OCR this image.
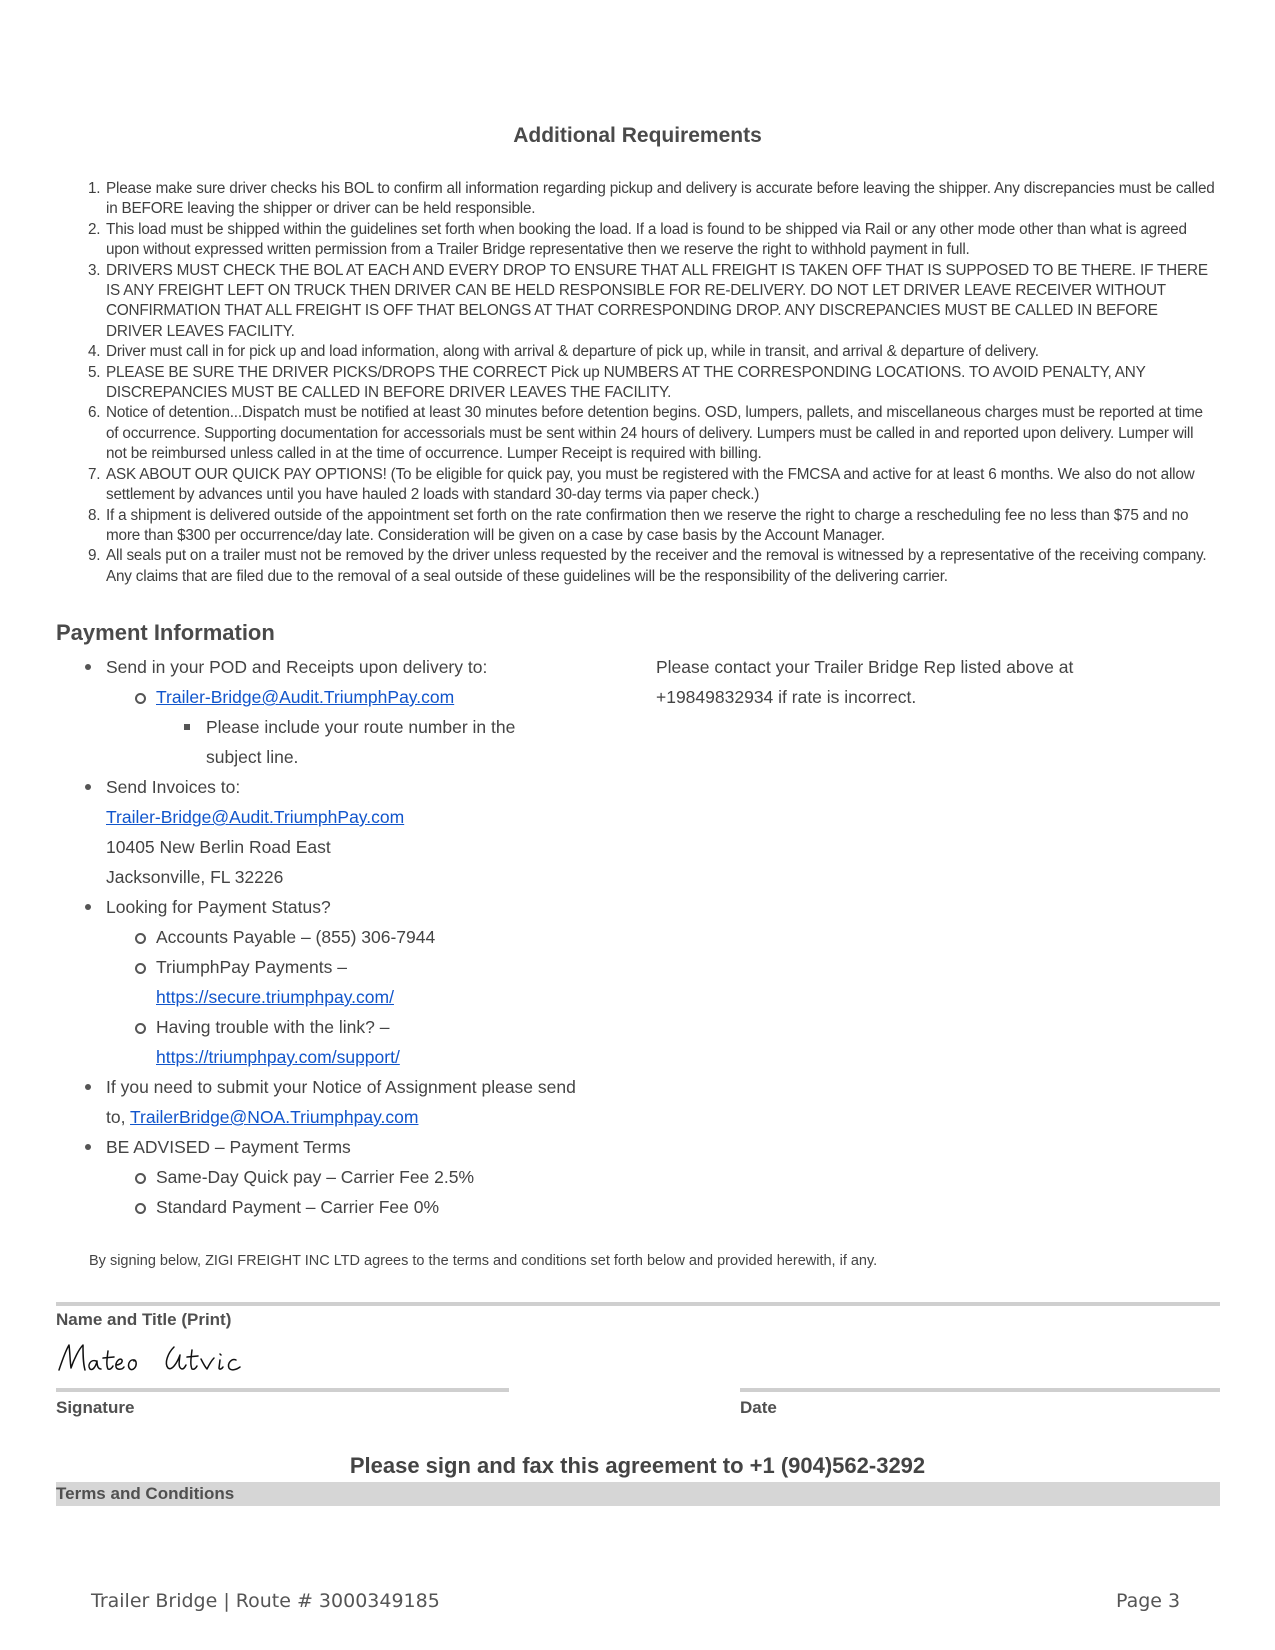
Additional Requirements
1. Please make sure driver checks his BOL to confirm all information regarding pickup and delivery is accurate before leaving the shipper. Any discrepancies must be called in BEFORE leaving the shipper or driver can be held responsible.
2. This load must be shipped within the guidelines set forth when booking the load. If a load is found to be shipped via Rail or any other mode other than what is agreed upon without expressed written permission from a Trailer Bridge representative then we reserve the right to withhold payment in full.
3. DRIVERS MUST CHECK THE BOL AT EACH AND EVERY DROP TO ENSURE THAT ALL FREIGHT IS TAKEN OFF THAT IS SUPPOSED TO BE THERE. IF THERE IS ANY FREIGHT LEFT ON TRUCK THEN DRIVER CAN BE HELD RESPONSIBLE FOR RE-DELIVERY. DO NOT LET DRIVER LEAVE RECEIVER WITHOUT CONFIRMATION THAT ALL FREIGHT IS OFF THAT BELONGS AT THAT CORRESPONDING DROP. ANY DISCREPANCIES MUST BE CALLED IN BEFORE DRIVER LEAVES FACILITY.
4. Driver must call in for pick up and load information, along with arrival & departure of pick up, while in transit, and arrival & departure of delivery.
5. PLEASE BE SURE THE DRIVER PICKS/DROPS THE CORRECT Pick up NUMBERS AT THE CORRESPONDING LOCATIONS. TO AVOID PENALTY, ANY DISCREPANCIES MUST BE CALLED IN BEFORE DRIVER LEAVES THE FACILITY.
6. Notice of detention...Dispatch must be notified at least 30 minutes before detention begins. OSD, lumpers, pallets, and miscellaneous charges must be reported at time of occurrence. Supporting documentation for accessorials must be sent within 24 hours of delivery. Lumpers must be called in and reported upon delivery. Lumper will not be reimbursed unless called in at the time of occurrence. Lumper Receipt is required with billing.
7. ASK ABOUT OUR QUICK PAY OPTIONS! (To be eligible for quick pay, you must be registered with the FMCSA and active for at least 6 months. We also do not allow settlement by advances until you have hauled 2 loads with standard 30-day terms via paper check.)
8. If a shipment is delivered outside of the appointment set forth on the rate confirmation then we reserve the right to charge a rescheduling fee no less than $75 and no more than $300 per occurrence/day late. Consideration will be given on a case by case basis by the Account Manager.
9. All seals put on a trailer must not be removed by the driver unless requested by the receiver and the removal is witnessed by a representative of the receiving company. Any claims that are filed due to the removal of a seal outside of these guidelines will be the responsibility of the delivering carrier.
Payment Information
Send in your POD and Receipts upon delivery to:
Trailer-Bridge@Audit.TriumphPay.com
Please include your route number in the subject line.
Send Invoices to:
Trailer-Bridge@Audit.TriumphPay.com
10405 New Berlin Road East
Jacksonville, FL 32226
Looking for Payment Status?
Accounts Payable – (855) 306-7944
TriumphPay Payments –
https://secure.triumphpay.com/
Having trouble with the link? –
https://triumphpay.com/support/
If you need to submit your Notice of Assignment please send
to, TrailerBridge@NOA.Triumphpay.com
BE ADVISED – Payment Terms
Same-Day Quick pay – Carrier Fee 2.5%
Standard Payment – Carrier Fee 0%
Please contact your Trailer Bridge Rep listed above at
+19849832934 if rate is incorrect.
By signing below, ZIGI FREIGHT INC LTD agrees to the terms and conditions set forth below and provided herewith, if any.
Name and Title (Print)
Signature	Date
Please sign and fax this agreement to +1 (904)562-3292
Terms and Conditions
Trailer Bridge | Route # 3000349185	Page 3
